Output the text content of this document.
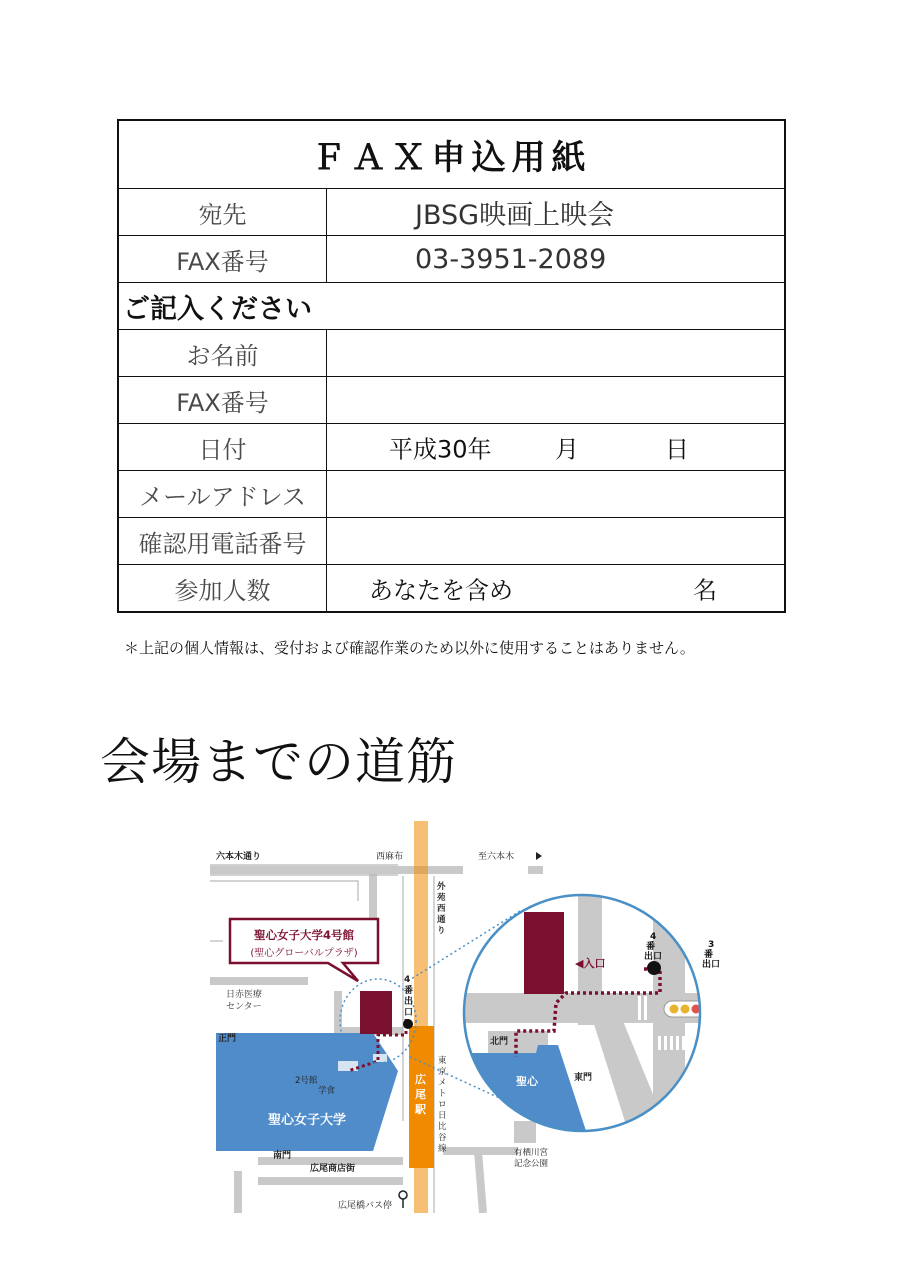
ＦＡＸ申込用紙	
宛先	JBSG映画上映会
FAX番号	03-3951-2089
ご記入ください	
お名前	
FAX番号	
日付	平成30年 月 日

メールアドレス	
確認用電話番号	
参加人数	あなたを含め 名
＊上記の個人情報は、受付および確認作業のため以外に使用することはありません。
会場までの道筋
聖心女子大学4号館
(聖心グローバルプラザ)
六本木通り	西麻布	至六本木
外
苑
西
通
り
日赤医療
センター
正門
2号館
学食
聖心女子大学
南門
広尾商店街
広尾橋バス停
4
番
出
口
広
尾
駅
東
京
メ
ト
ロ
日
比
谷
線	有栖川宮
記念公園
◀入口
4
番
出口
3
番
出口
北門
聖心	東門
